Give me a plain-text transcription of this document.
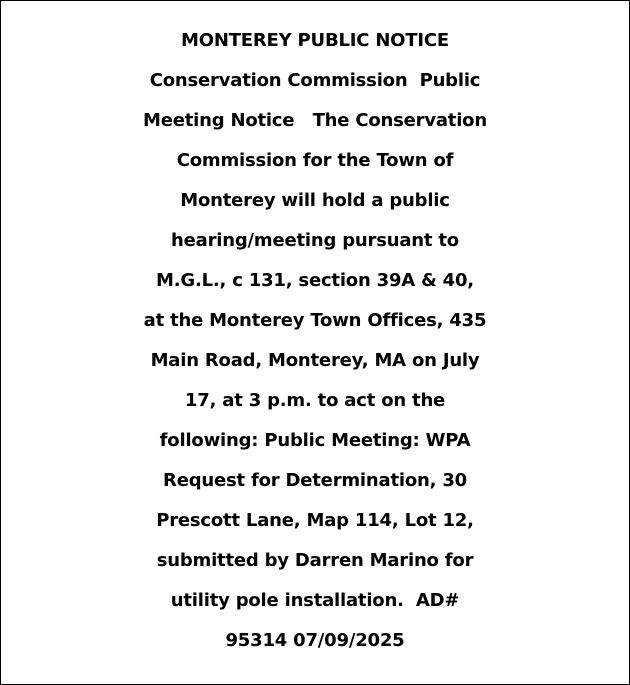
MONTEREY PUBLIC NOTICE
Conservation Commission  Public
Meeting Notice   The Conservation
Commission for the Town of
Monterey will hold a public
hearing/meeting pursuant to
M.G.L., c 131, section 39A & 40,
at the Monterey Town Offices, 435
Main Road, Monterey, MA on July
17, at 3 p.m. to act on the
following: Public Meeting: WPA
Request for Determination, 30
Prescott Lane, Map 114, Lot 12,
submitted by Darren Marino for
utility pole installation.  AD#
95314 07/09/2025
